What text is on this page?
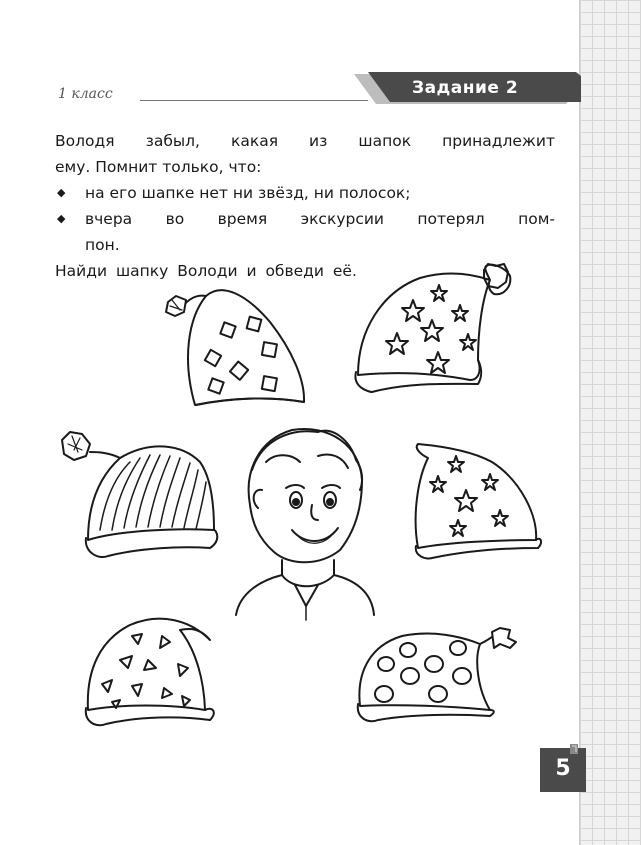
1 класс	Задание 2

Володя забыл, какая из шапок принадлежит

ему. Помнит только, что:

◆ на его шапке нет ни звёзд, ни полосок;

◆ вчера во время экскурсии потерял пом-

пон.

Найди шапку Володи и обведи её.

5
